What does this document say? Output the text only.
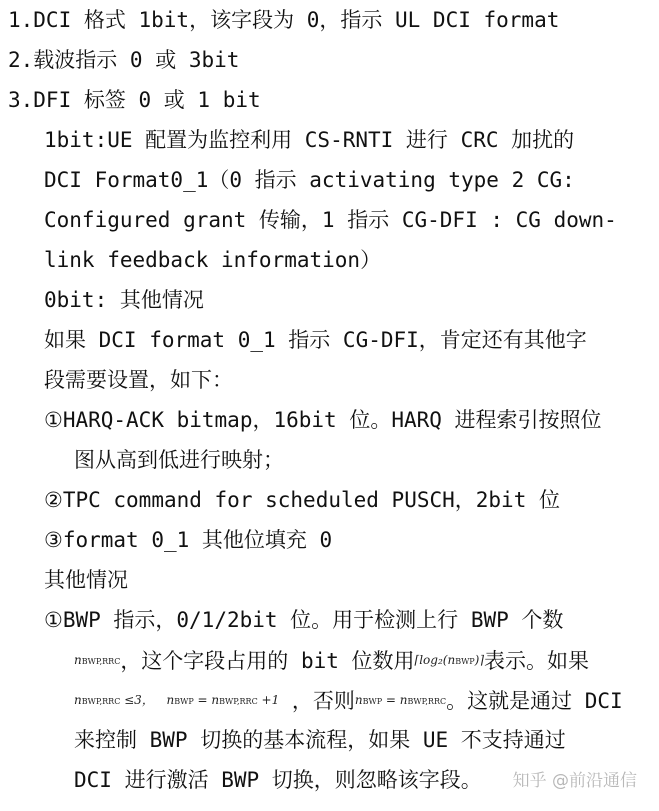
1.DCI 格式 1bit，该字段为 0，指示 UL DCI format
2.载波指示 0 或 3bit
3.DFI 标签 0 或 1 bit
1bit:UE 配置为监控利用 CS-RNTI 进行 CRC 加扰的
DCI Format0_1（0 指示 activating type 2 CG:
Configured grant 传输，1 指示 CG-DFI : CG down-
link feedback information）
0bit: 其他情况
如果 DCI format 0_1 指示 CG-DFI，肯定还有其他字
段需要设置，如下：
①HARQ-ACK bitmap，16bit 位。HARQ 进程索引按照位
图从高到低进行映射；
②TPC command for scheduled PUSCH，2bit 位
③format 0_1 其他位填充 0
其他情况
①BWP 指示，0/1/2bit 位。用于检测上行 BWP 个数
nBWP,RRC，这个字段占用的 bit 位数用⌈log₂(nBWP)⌉表示。如果
nBWP,RRC ≤3， nBWP = nBWP,RRC +1 ，否则nBWP = nBWP,RRC。这就是通过 DCI
来控制 BWP 切换的基本流程，如果 UE 不支持通过
DCI 进行激活 BWP 切换，则忽略该字段。 知乎 @前沿通信
